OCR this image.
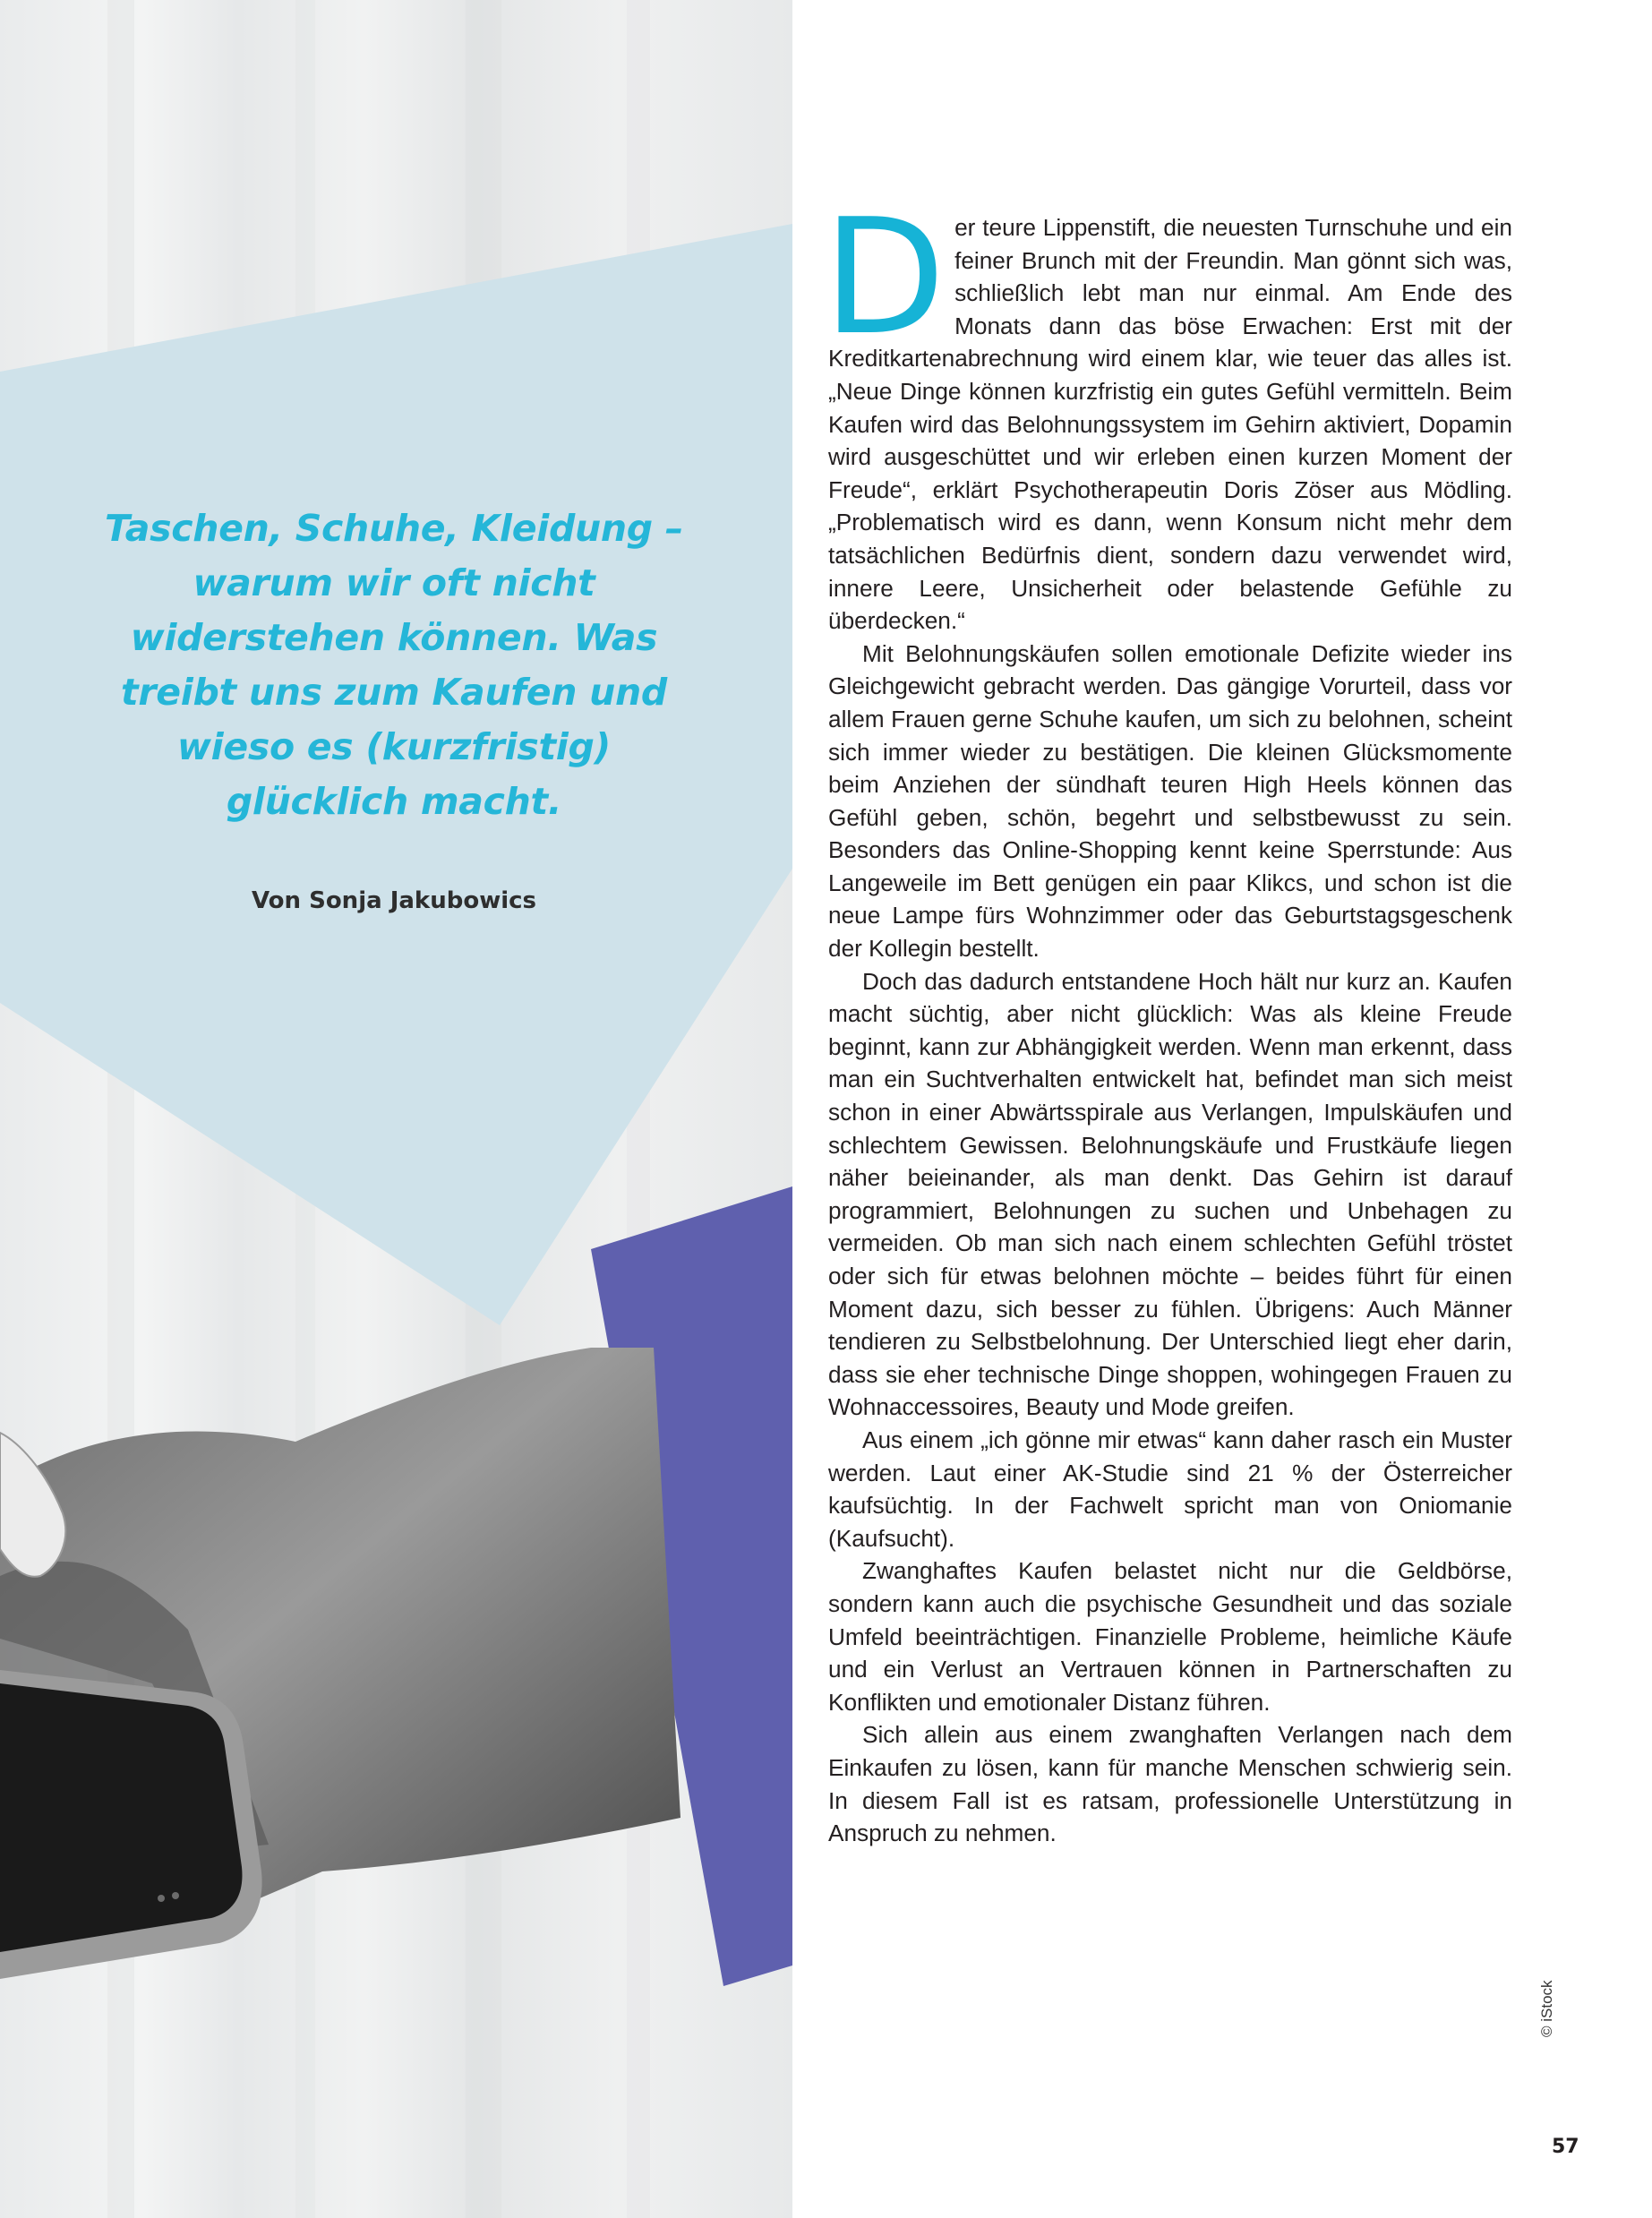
Taschen, Schuhe, Kleidung – warum wir oft nicht widerstehen können. Was treibt uns zum Kaufen und wieso es (kurzfristig) glücklich macht.

Von Sonja Jakubowics

Der teure Lippenstift, die neuesten Turnschuhe und ein feiner Brunch mit der Freundin. Man gönnt sich was, schließlich lebt man nur einmal. Am Ende des Monats dann das böse Erwachen: Erst mit der Kreditkartenabrechnung wird einem klar, wie teuer das alles ist. „Neue Dinge können kurzfristig ein gutes Gefühl vermitteln. Beim Kaufen wird das Belohnungssystem im Gehirn aktiviert, Dopamin wird ausgeschüttet und wir erleben einen kurzen Moment der Freude“, erklärt Psychotherapeutin Doris Zöser aus Mödling. „Problematisch wird es dann, wenn Konsum nicht mehr dem tatsächlichen Bedürfnis dient, sondern dazu verwendet wird, innere Leere, Unsicherheit oder belastende Gefühle zu überdecken.“

Mit Belohnungskäufen sollen emotionale Defizite wieder ins Gleichgewicht gebracht werden. Das gängige Vorurteil, dass vor allem Frauen gerne Schuhe kaufen, um sich zu belohnen, scheint sich immer wieder zu bestätigen. Die kleinen Glücksmomente beim Anziehen der sündhaft teuren High Heels können das Gefühl geben, schön, begehrt und selbstbewusst zu sein. Besonders das Online-Shopping kennt keine Sperrstunde: Aus Langeweile im Bett genügen ein paar Klikcs, und schon ist die neue Lampe fürs Wohnzimmer oder das Geburtstagsgeschenk der Kollegin bestellt.

Doch das dadurch entstandene Hoch hält nur kurz an. Kaufen macht süchtig, aber nicht glücklich: Was als kleine Freude beginnt, kann zur Abhängigkeit werden. Wenn man erkennt, dass man ein Suchtverhalten entwickelt hat, befindet man sich meist schon in einer Abwärtsspirale aus Verlangen, Impulskäufen und schlechtem Gewissen. Belohnungskäufe und Frustkäufe liegen näher beieinander, als man denkt. Das Gehirn ist darauf programmiert, Belohnungen zu suchen und Unbehagen zu vermeiden. Ob man sich nach einem schlechten Gefühl tröstet oder sich für etwas belohnen möchte – beides führt für einen Moment dazu, sich besser zu fühlen. Übrigens: Auch Männer tendieren zu Selbstbelohnung. Der Unterschied liegt eher darin, dass sie eher technische Dinge shoppen, wohingegen Frauen zu Wohnaccessoires, Beauty und Mode greifen.

Aus einem „ich gönne mir etwas“ kann daher rasch ein Muster werden. Laut einer AK-Studie sind 21 % der Österreicher kaufsüchtig. In der Fachwelt spricht man von Oniomanie (Kaufsucht).

Zwanghaftes Kaufen belastet nicht nur die Geldbörse, sondern kann auch die psychische Gesundheit und das soziale Umfeld beeinträchtigen. Finanzielle Probleme, heimliche Käufe und ein Verlust an Vertrauen können in Partnerschaften zu Konflikten und emotionaler Distanz führen.

Sich allein aus einem zwanghaften Verlangen nach dem Einkaufen zu lösen, kann für manche Menschen schwierig sein. In diesem Fall ist es ratsam, professionelle Unterstützung in Anspruch zu nehmen.

© iStock
57
